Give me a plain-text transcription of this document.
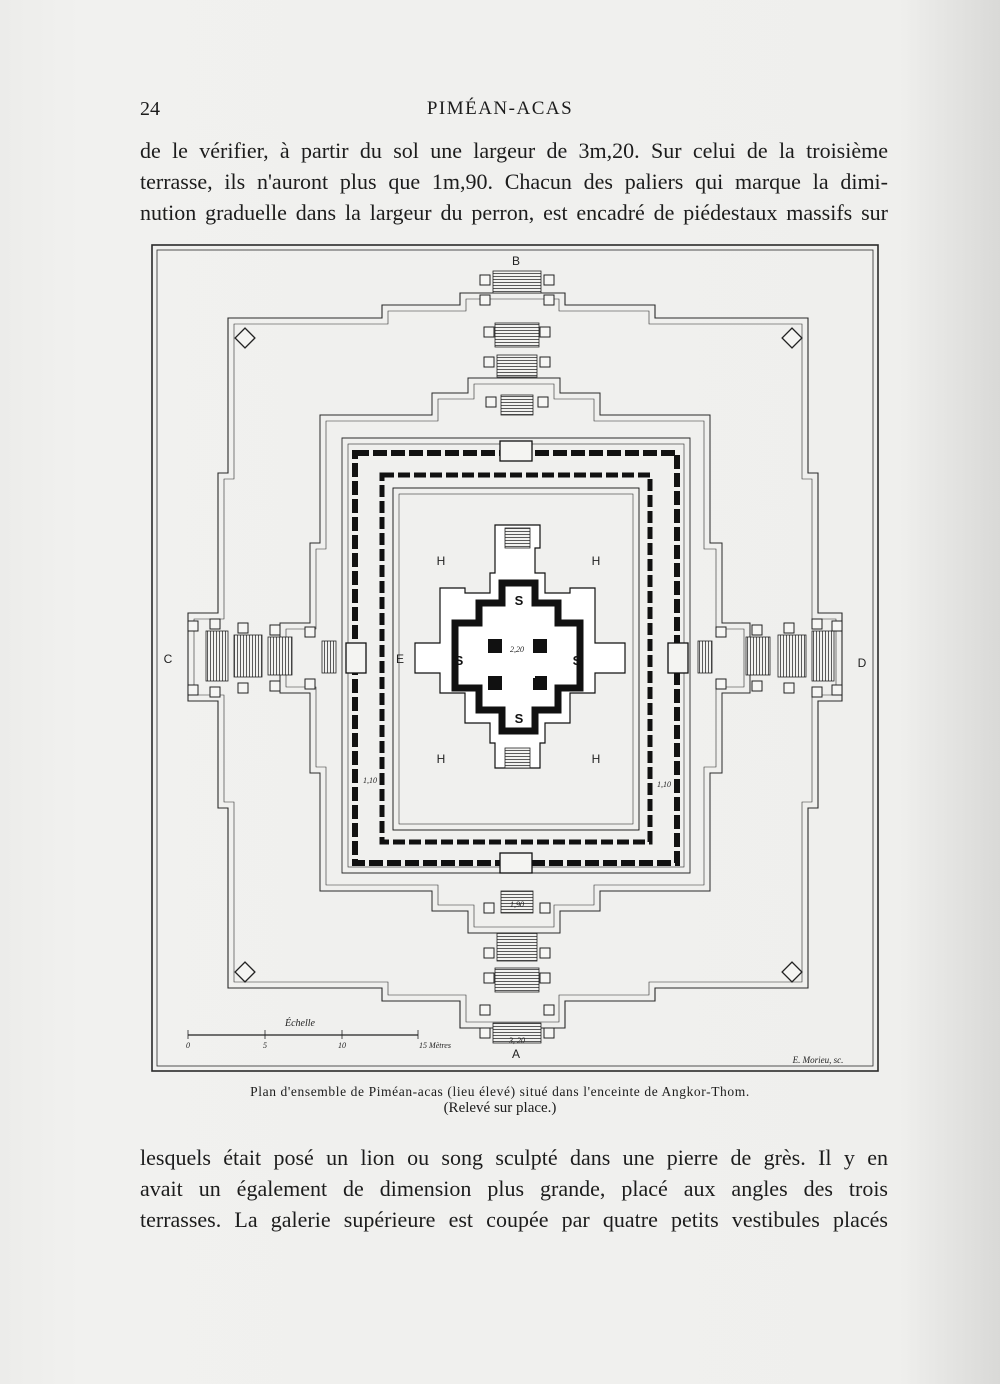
24	PIMÉAN-ACAS
de le vérifier, à partir du sol une largeur de 3m,20. Sur celui de la troisième
terrasse, ils n'auront plus que 1m,90. Chacun des paliers qui marque la dimi-
nution graduelle dans la largeur du perron, est encadré de piédestaux massifs sur
B
A
C	D
H	H
H	H
S
S
S	S
E
2,20
3, 20
1,90
1,10	1,10
Échelle
0	5	10	15 Mètres
E. Morieu, sc.
Plan d'ensemble de Piméan-acas (lieu élevé) situé dans l'enceinte de Angkor-Thom.
(Relevé sur place.)
lesquels était posé un lion ou song sculpté dans une pierre de grès. Il y en
avait un également de dimension plus grande, placé aux angles des trois
terrasses. La galerie supérieure est coupée par quatre petits vestibules placés
